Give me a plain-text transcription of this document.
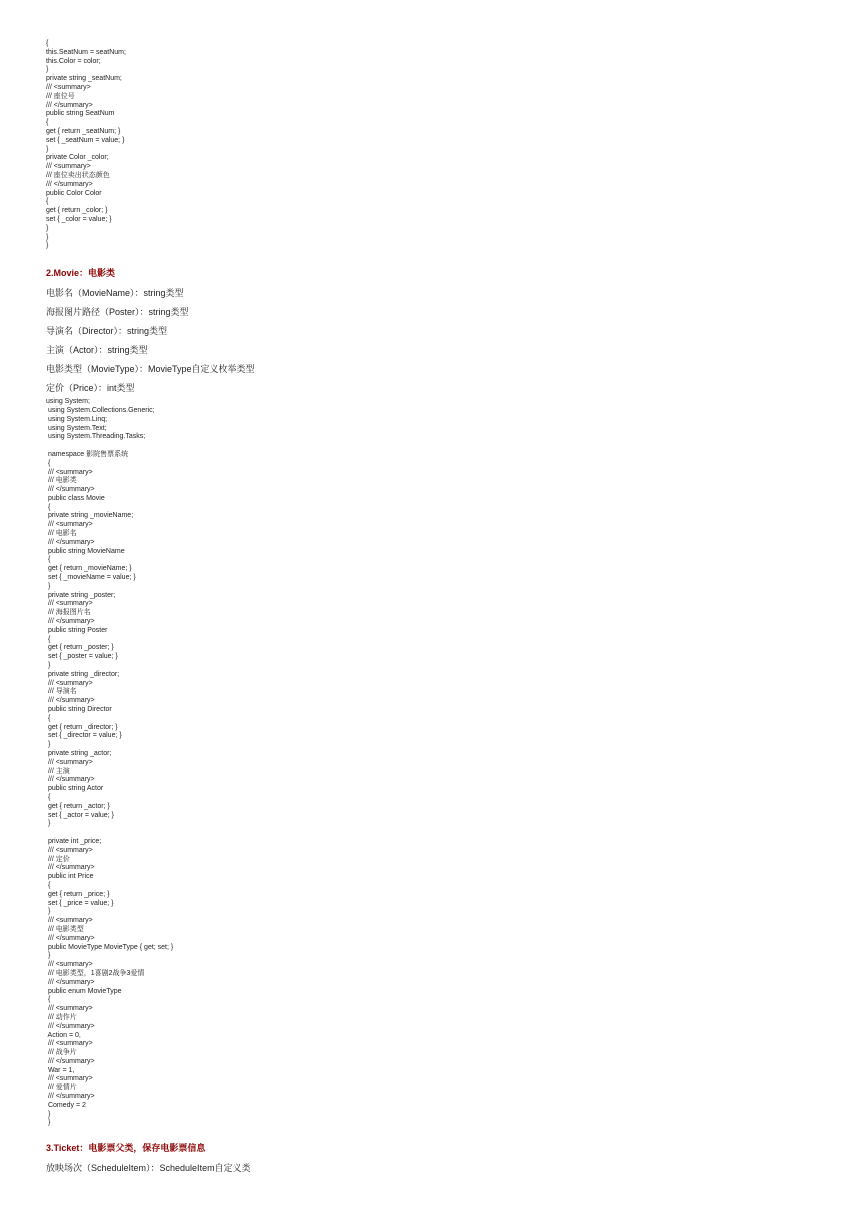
{
this.SeatNum = seatNum;
this.Color = color;
}
private string _seatNum;
/// <summary>
/// 座位号
/// </summary>
public string SeatNum
{
get { return _seatNum; }
set { _seatNum = value; }
}
private Color _color;
/// <summary>
/// 座位卖出状态颜色
/// </summary>
public Color Color
{
get { return _color; }
set { _color = value; }
}
}
}

2.Movie：电影类

电影名（MovieName）：string类型

海报图片路径（Poster）：string类型

导演名（Director）：string类型

主演（Actor）：string类型

电影类型（MovieType）：MovieType自定义枚举类型

定价（Price）：int类型

using System;
using System.Collections.Generic;
using System.Linq;
using System.Text;
using System.Threading.Tasks;
namespace 影院售票系统
{
/// <summary>
/// 电影类
/// </summary>
public class Movie
{
private string _movieName;
/// <summary>
/// 电影名
/// </summary>
public string MovieName
{
get { return _movieName; }
set { _movieName = value; }
}
private string _poster;
/// <summary>
/// 海报图片名
/// </summary>
public string Poster
{
get { return _poster; }
set { _poster = value; }
}
private string _director;
/// <summary>
/// 导演名
/// </summary>
public string Director
{
get { return _director; }
set { _director = value; }
}
private string _actor;
/// <summary>
/// 主演
/// </summary>
public string Actor
{
get { return _actor; }
set { _actor = value; }
}
private int _price;
/// <summary>
/// 定价
/// </summary>
public int Price
{
get { return _price; }
set { _price = value; }
}
/// <summary>
/// 电影类型
/// </summary>
public MovieType MovieType { get; set; }
}
/// <summary>
/// 电影类型，1喜剧2战争3爱情
/// </summary>
public enum MovieType
{
/// <summary>
/// 动作片
/// </summary>
Action = 0,
/// <summary>
/// 战争片
/// </summary>
War = 1,
/// <summary>
/// 爱情片
/// </summary>
Comedy = 2
}
}

3.Ticket：电影票父类，保存电影票信息

放映场次（ScheduleItem）：ScheduleItem自定义类
